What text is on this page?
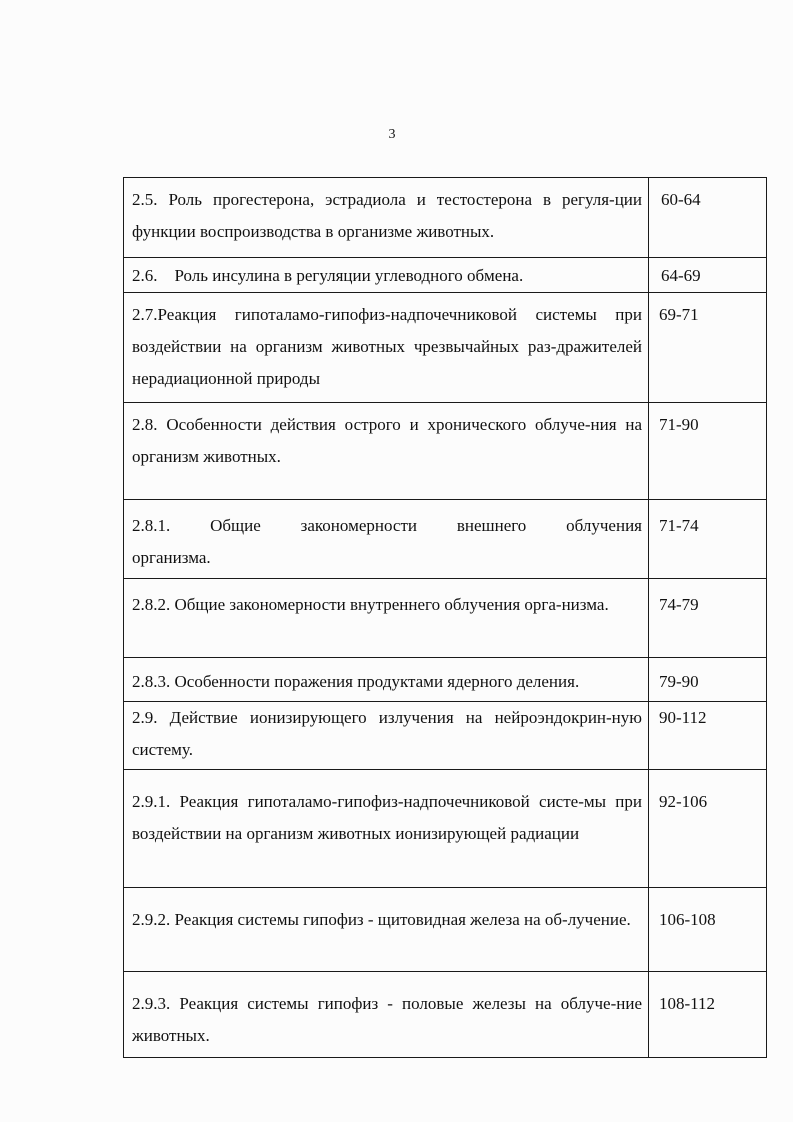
3
2.5. Роль прогестерона, эстрадиола и тестостерона в регуля-ции функции воспроизводства в организме животных.	60-64

2.6.    Роль инсулина в регуляции углеводного обмена.	64-69

2.7.Реакция гипоталамо-гипофиз-надпочечниковой системы при воздействии на организм животных чрезвычайных раз-дражителей нерадиационной природы	69-71

2.8. Особенности действия острого и хронического облуче-ния на организм животных.	71-90

2.8.1. Общие закономерности внешнего облучения организма.	71-74

2.8.2. Общие закономерности внутреннего облучения орга-низма.	74-79

2.8.3. Особенности поражения продуктами ядерного деления.	79-90

2.9. Действие ионизирующего излучения на нейроэндокрин-ную систему.	90-112

2.9.1. Реакция гипоталамо-гипофиз-надпочечниковой систе-мы при воздействии на организм животных ионизирующей радиации	92-106

2.9.2. Реакция системы гипофиз - щитовидная железа на об-лучение.	106-108

2.9.3. Реакция системы гипофиз - половые железы на облуче-ние животных.	108-112
